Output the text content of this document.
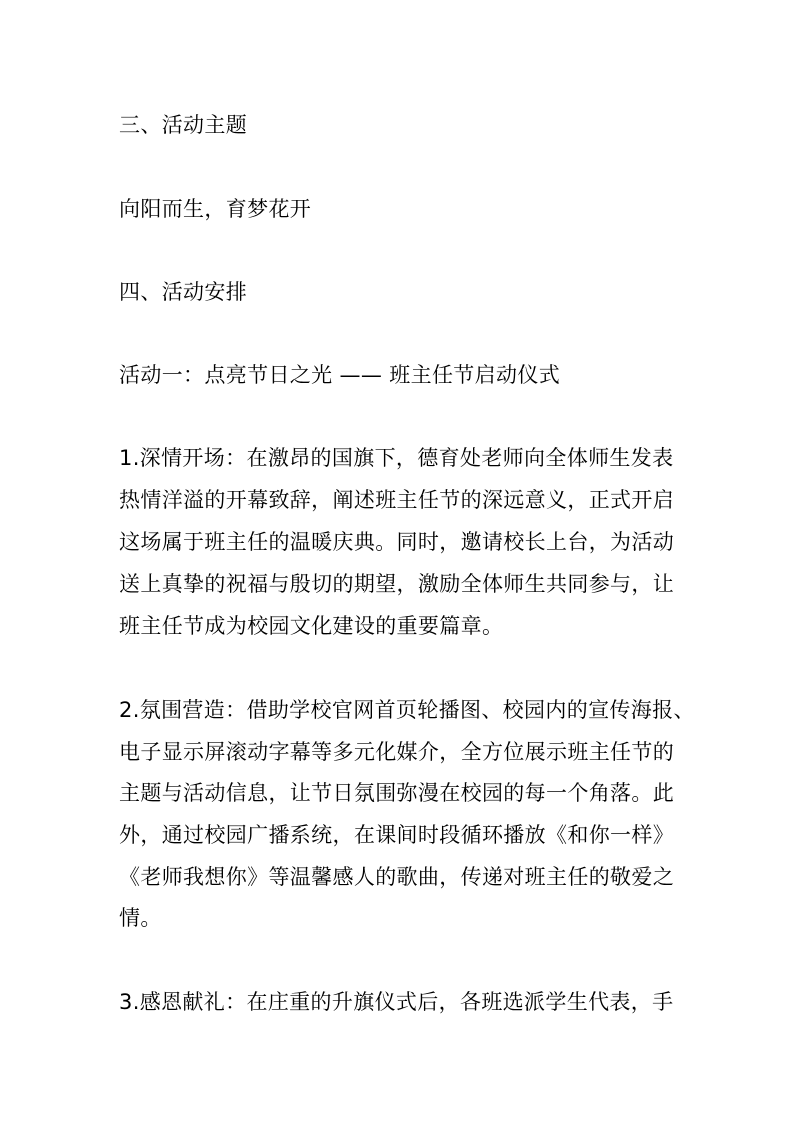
三、活动主题
向阳而生，育梦花开
四、活动安排
活动一：点亮节日之光 —— 班主任节启动仪式
1.深情开场：在激昂的国旗下，德育处老师向全体师生发表
热情洋溢的开幕致辞，阐述班主任节的深远意义，正式开启
这场属于班主任的温暖庆典。同时，邀请校长上台，为活动
送上真挚的祝福与殷切的期望，激励全体师生共同参与，让
班主任节成为校园文化建设的重要篇章。
2.氛围营造：借助学校官网首页轮播图、校园内的宣传海报、
电子显示屏滚动字幕等多元化媒介，全方位展示班主任节的
主题与活动信息，让节日氛围弥漫在校园的每一个角落。此
外，通过校园广播系统，在课间时段循环播放《和你一样》
《老师我想你》等温馨感人的歌曲，传递对班主任的敬爱之
情。
3.感恩献礼：在庄重的升旗仪式后，各班选派学生代表，手
